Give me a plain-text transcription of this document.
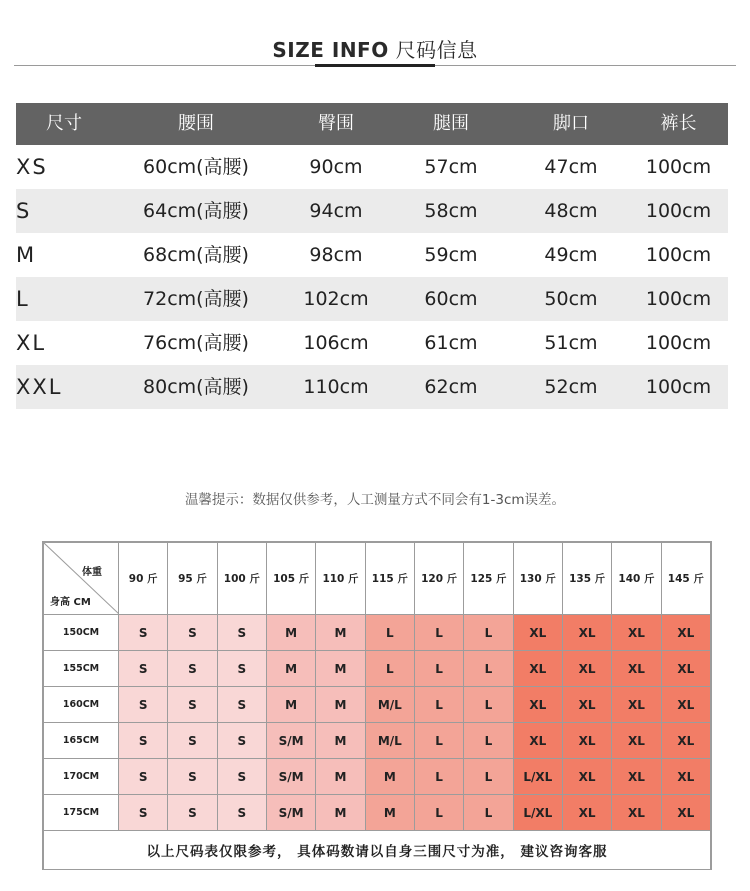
SIZE INFO 尺码信息
尺寸	腰围	臀围	腿围	脚口	裤长
XS	60cm(高腰)	90cm	57cm	47cm	100cm
S	64cm(高腰)	94cm	58cm	48cm	100cm
M	68cm(高腰)	98cm	59cm	49cm	100cm
L	72cm(高腰)	102cm	60cm	50cm	100cm
XL	76cm(高腰)	106cm	61cm	51cm	100cm
XXL	80cm(高腰)	110cm	62cm	52cm	100cm
温馨提示：数据仅供参考，人工测量方式不同会有1-3cm误差。
体重
身高 CM	90 斤	95 斤	100 斤	105 斤	110 斤	115 斤	120 斤	125 斤	130 斤	135 斤	140 斤	145 斤
150CM	S	S	S	M	M	L	L	L	XL	XL	XL	XL
155CM	S	S	S	M	M	L	L	L	XL	XL	XL	XL
160CM	S	S	S	M	M	M/L	L	L	XL	XL	XL	XL
165CM	S	S	S	S/M	M	M/L	L	L	XL	XL	XL	XL
170CM	S	S	S	S/M	M	M	L	L	L/XL	XL	XL	XL
175CM	S	S	S	S/M	M	M	L	L	L/XL	XL	XL	XL
以上尺码表仅限参考， 具体码数请以自身三围尺寸为准， 建议咨询客服												
